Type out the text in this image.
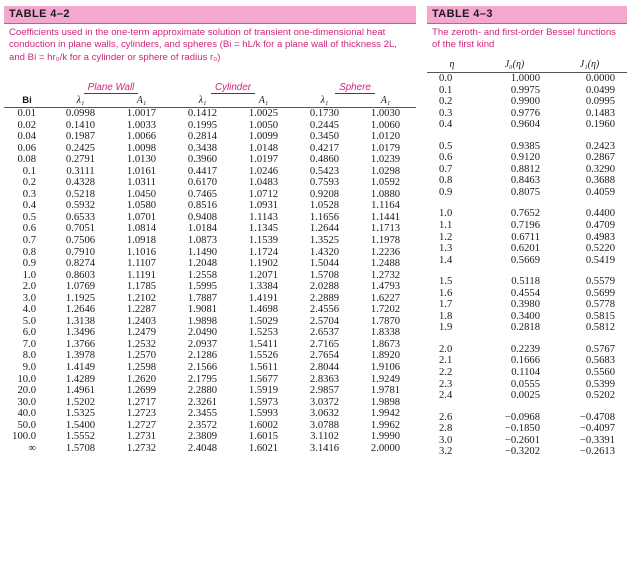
TABLE 4–2
Coefficients used in the one-term approximate solution of transient one-dimensional heat conduction in plane walls, cylinders, and spheres (Bi = hL/k for a plane wall of thickness 2L, and Bi = hr₀/k for a cylinder or sphere of radius r₀)
	Plane Wall		Cylinder		Sphere	
Bi	λ₁	A₁	λ₁	A₁	λ₁	A₁
0.01	0.0998	1.0017	0.1412	1.0025	0.1730	1.0030
0.02	0.1410	1.0033	0.1995	1.0050	0.2445	1.0060
0.04	0.1987	1.0066	0.2814	1.0099	0.3450	1.0120
0.06	0.2425	1.0098	0.3438	1.0148	0.4217	1.0179
0.08	0.2791	1.0130	0.3960	1.0197	0.4860	1.0239
0.1	0.3111	1.0161	0.4417	1.0246	0.5423	1.0298
0.2	0.4328	1.0311	0.6170	1.0483	0.7593	1.0592
0.3	0.5218	1.0450	0.7465	1.0712	0.9208	1.0880
0.4	0.5932	1.0580	0.8516	1.0931	1.0528	1.1164
0.5	0.6533	1.0701	0.9408	1.1143	1.1656	1.1441
0.6	0.7051	1.0814	1.0184	1.1345	1.2644	1.1713
0.7	0.7506	1.0918	1.0873	1.1539	1.3525	1.1978
0.8	0.7910	1.1016	1.1490	1.1724	1.4320	1.2236
0.9	0.8274	1.1107	1.2048	1.1902	1.5044	1.2488
1.0	0.8603	1.1191	1.2558	1.2071	1.5708	1.2732
2.0	1.0769	1.1785	1.5995	1.3384	2.0288	1.4793
3.0	1.1925	1.2102	1.7887	1.4191	2.2889	1.6227
4.0	1.2646	1.2287	1.9081	1.4698	2.4556	1.7202
5.0	1.3138	1.2403	1.9898	1.5029	2.5704	1.7870
6.0	1.3496	1.2479	2.0490	1.5253	2.6537	1.8338
7.0	1.3766	1.2532	2.0937	1.5411	2.7165	1.8673
8.0	1.3978	1.2570	2.1286	1.5526	2.7654	1.8920
9.0	1.4149	1.2598	2.1566	1.5611	2.8044	1.9106
10.0	1.4289	1.2620	2.1795	1.5677	2.8363	1.9249
20.0	1.4961	1.2699	2.2880	1.5919	2.9857	1.9781
30.0	1.5202	1.2717	2.3261	1.5973	3.0372	1.9898
40.0	1.5325	1.2723	2.3455	1.5993	3.0632	1.9942
50.0	1.5400	1.2727	2.3572	1.6002	3.0788	1.9962
100.0	1.5552	1.2731	2.3809	1.6015	3.1102	1.9990
∞	1.5708	1.2732	2.4048	1.6021	3.1416	2.0000
TABLE 4–3
The zeroth- and first-order Bessel functions of the first kind
η	J₀(η)	J₁(η)
0.0	1.0000	0.0000
0.1	0.9975	0.0499
0.2	0.9900	0.0995
0.3	0.9776	0.1483
0.4	0.9604	0.1960

0.5	0.9385	0.2423
0.6	0.9120	0.2867
0.7	0.8812	0.3290
0.8	0.8463	0.3688
0.9	0.8075	0.4059

1.0	0.7652	0.4400
1.1	0.7196	0.4709
1.2	0.6711	0.4983
1.3	0.6201	0.5220
1.4	0.5669	0.5419

1.5	0.5118	0.5579
1.6	0.4554	0.5699
1.7	0.3980	0.5778
1.8	0.3400	0.5815
1.9	0.2818	0.5812

2.0	0.2239	0.5767
2.1	0.1666	0.5683
2.2	0.1104	0.5560
2.3	0.0555	0.5399
2.4	0.0025	0.5202

2.6	−0.0968	−0.4708
2.8	−0.1850	−0.4097
3.0	−0.2601	−0.3391
3.2	−0.3202	−0.2613
